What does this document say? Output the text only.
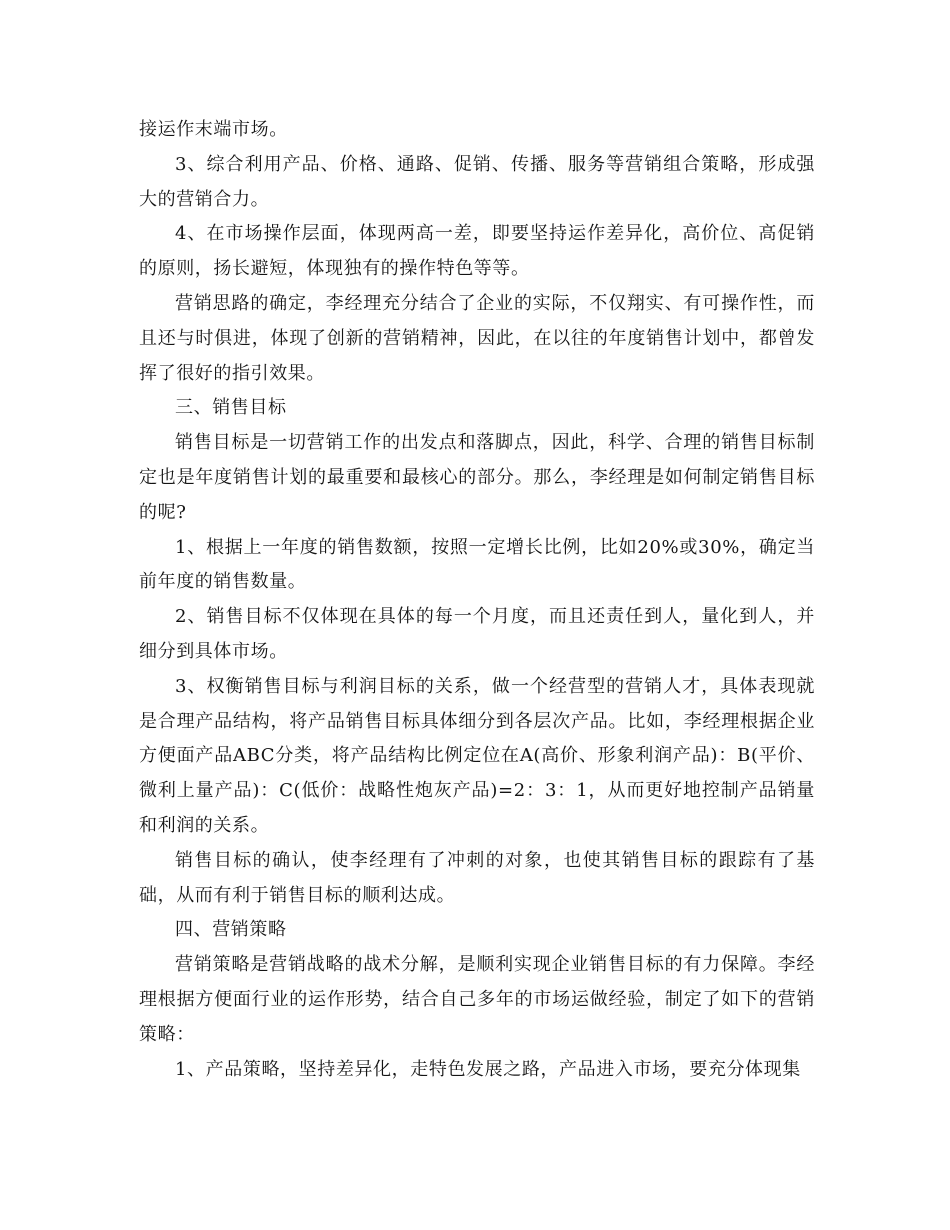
接运作末端市场。

3、综合利用产品、价格、通路、促销、传播、服务等营销组合策略，形成强大的营销合力。

4、在市场操作层面，体现两高一差，即要坚持运作差异化，高价位、高促销的原则，扬长避短，体现独有的操作特色等等。

营销思路的确定，李经理充分结合了企业的实际，不仅翔实、有可操作性，而且还与时俱进，体现了创新的营销精神，因此，在以往的年度销售计划中，都曾发挥了很好的指引效果。

三、销售目标

销售目标是一切营销工作的出发点和落脚点，因此，科学、合理的销售目标制定也是年度销售计划的最重要和最核心的部分。那么，李经理是如何制定销售目标的呢?

1、根据上一年度的销售数额，按照一定增长比例，比如20%或30%，确定当前年度的销售数量。

2、销售目标不仅体现在具体的每一个月度，而且还责任到人，量化到人，并细分到具体市场。

3、权衡销售目标与利润目标的关系，做一个经营型的营销人才，具体表现就是合理产品结构，将产品销售目标具体细分到各层次产品。比如，李经理根据企业方便面产品ABC分类，将产品结构比例定位在A(高价、形象利润产品)：B(平价、微利上量产品)：C(低价：战略性炮灰产品)=2：3：1，从而更好地控制产品销量和利润的关系。

销售目标的确认，使李经理有了冲刺的对象，也使其销售目标的跟踪有了基础，从而有利于销售目标的顺利达成。

四、营销策略

营销策略是营销战略的战术分解，是顺利实现企业销售目标的有力保障。李经理根据方便面行业的运作形势，结合自己多年的市场运做经验，制定了如下的营销策略：

1、产品策略，坚持差异化，走特色发展之路，产品进入市场，要充分体现集
